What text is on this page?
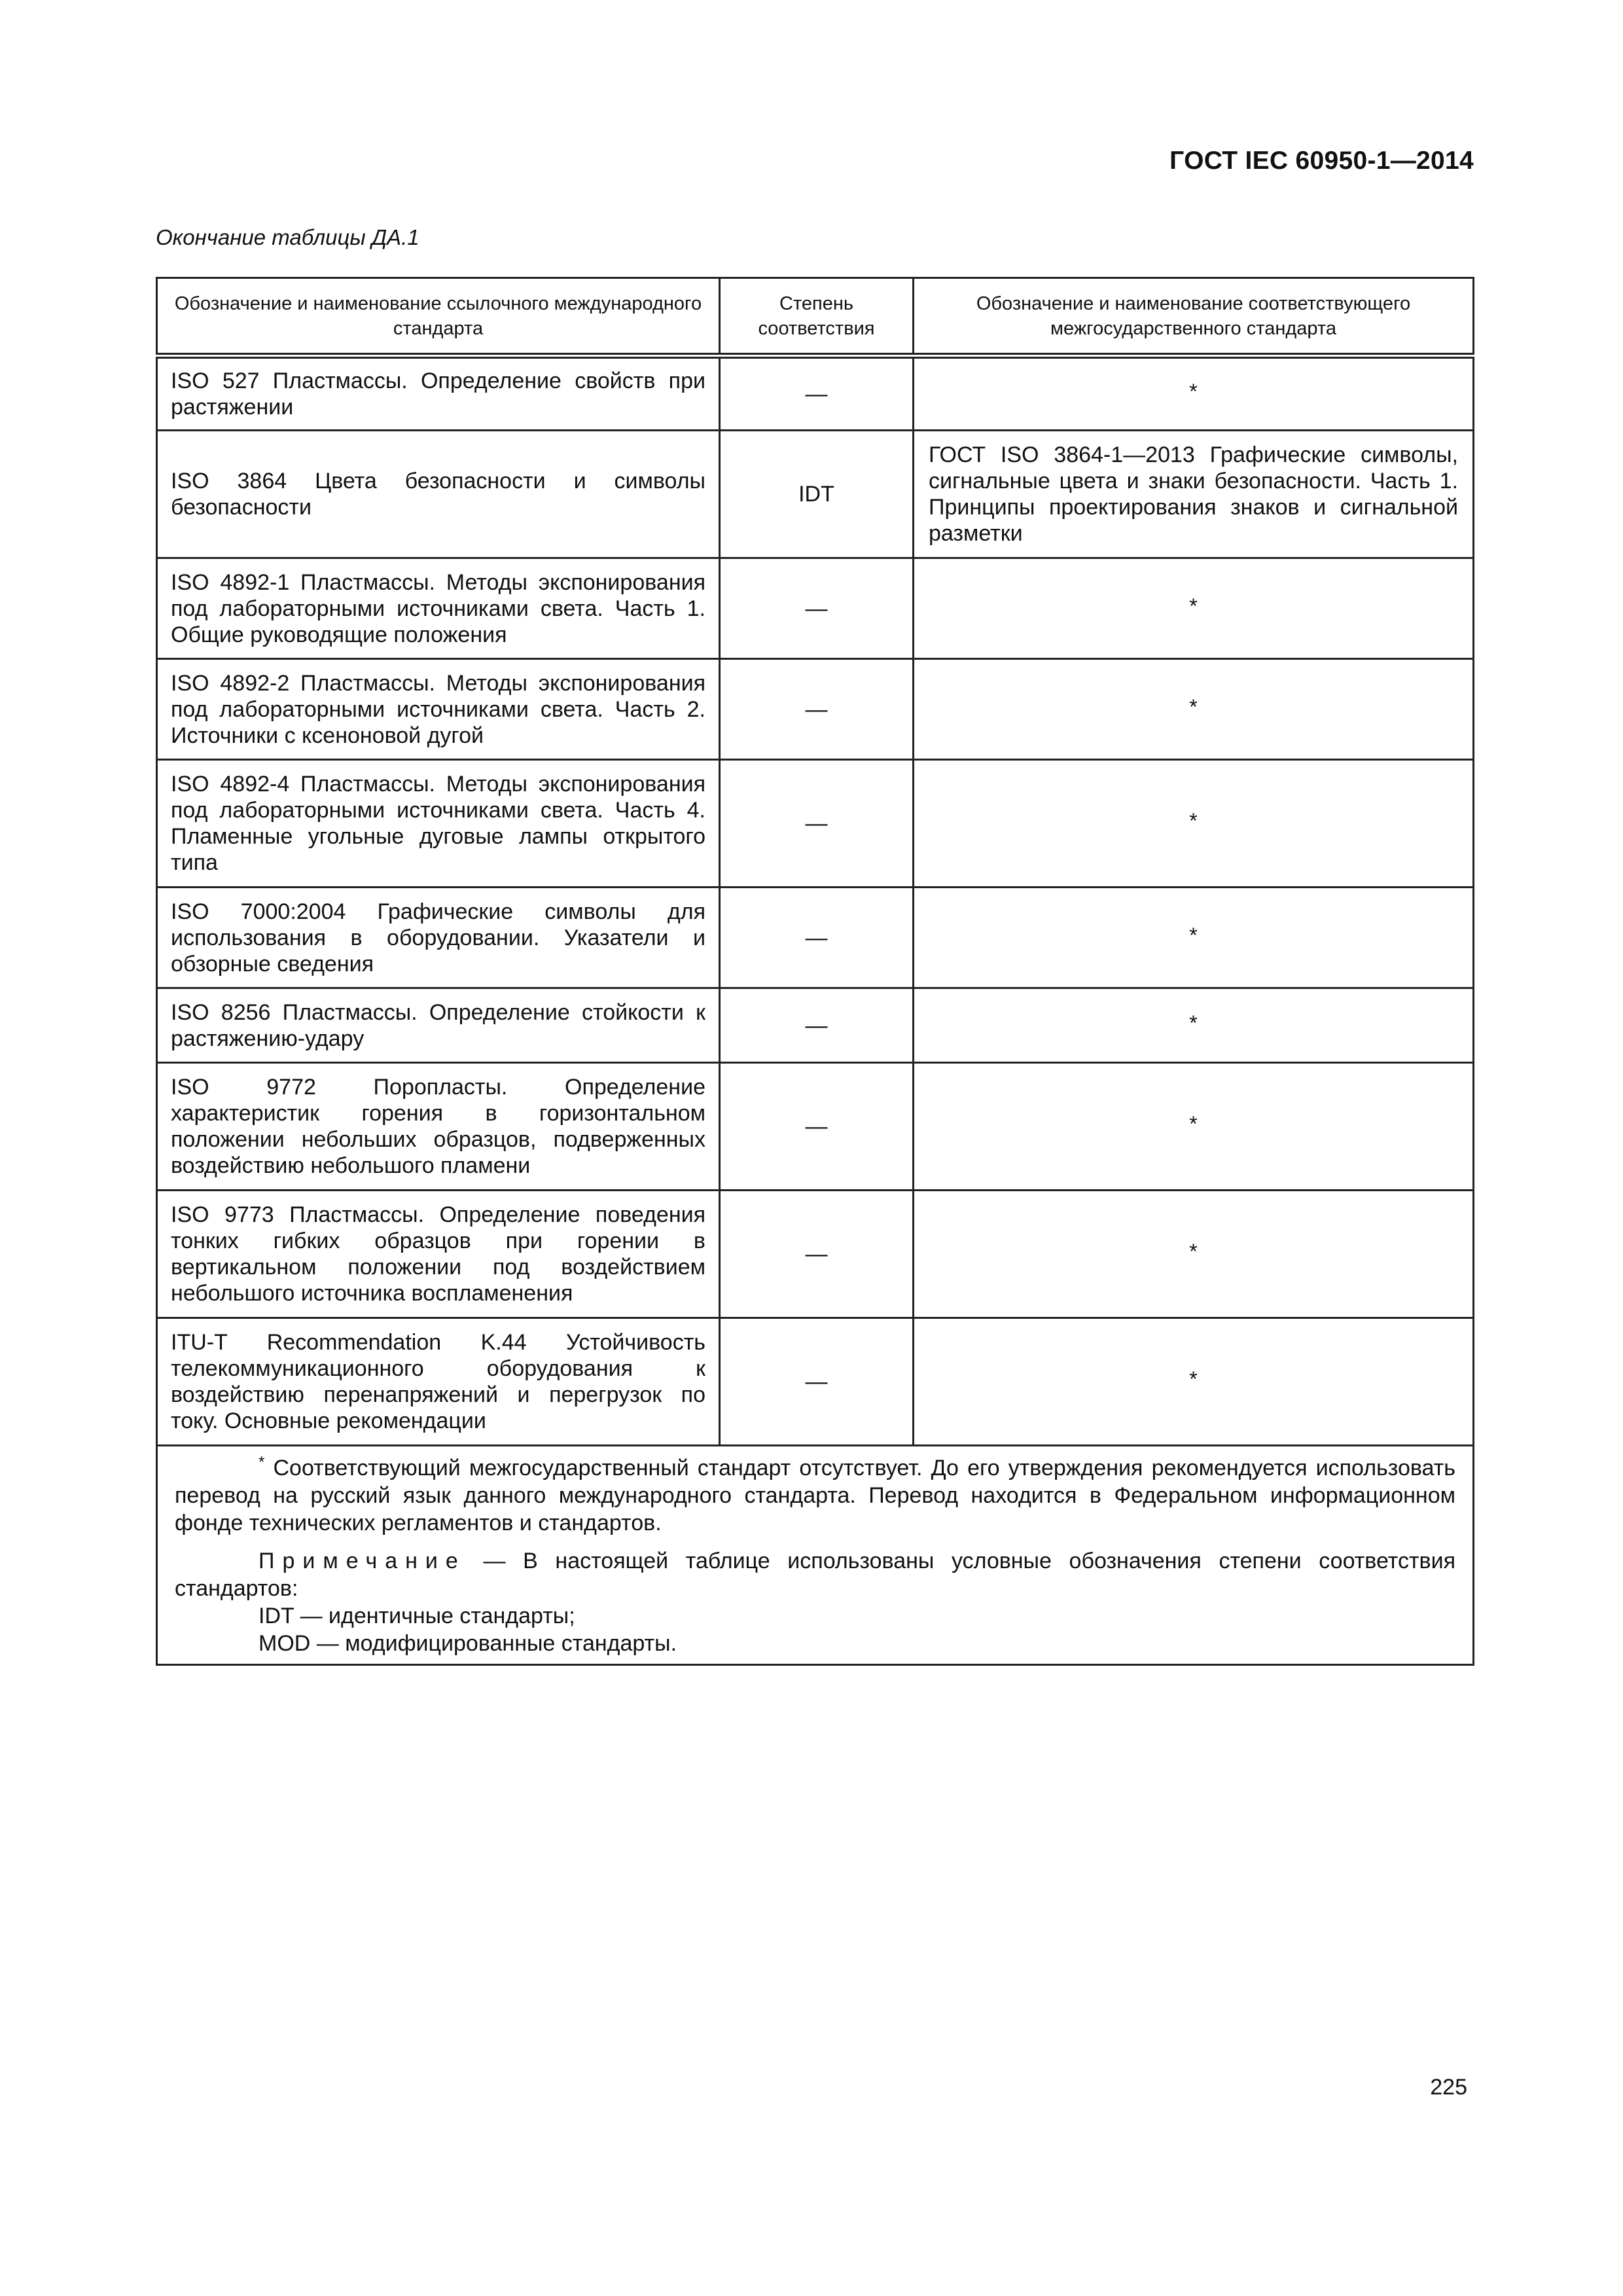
ГОСТ IEC 60950-1—2014
Окончание таблицы ДА.1
Обозначение и наименование ссылочного международного стандарта	Степень соответствия	Обозначение и наименование соответствующего межгосударственного стандарта
ISO 527 Пластмассы. Определение свойств при растяжении	—	*
ISO 3864 Цвета безопасности и символы безопасности	IDT	ГОСТ ISO 3864-1—2013 Графические символы, сигнальные цвета и знаки безопасности. Часть 1. Принципы проектирования знаков и сигнальной разметки
ISO 4892-1 Пластмассы. Методы экспонирования под лабораторными источниками света. Часть 1. Общие руководящие положения	—	*
ISO 4892-2 Пластмассы. Методы экспонирования под лабораторными источниками света. Часть 2. Источники с ксеноновой дугой	—	*
ISO 4892-4 Пластмассы. Методы экспонирования под лабораторными источниками света. Часть 4. Пламенные угольные дуговые лампы открытого типа	—	*
ISO 7000:2004 Графические символы для использования в оборудовании. Указатели и обзорные сведения	—	*
ISO 8256 Пластмассы. Определение стойкости к растяжению-удару	—	*
ISO 9772 Поропласты. Определение характеристик горения в горизонтальном положении небольших образцов, подверженных воздействию небольшого пламени	—	*
ISO 9773 Пластмассы. Определение поведения тонких гибких образцов при горении в вертикальном положении под воздействием небольшого источника воспламенения	—	*
ITU-T Recommendation K.44 Устойчивость телекоммуникационного оборудования к воздействию перенапряжений и перегрузок по току. Основные рекомендации	—	*

* Соответствующий межгосударственный стандарт отсутствует. До его утверждения рекомендуется использовать перевод на русский язык данного международного стандарта. Перевод находится в Федеральном информационном фонде технических регламентов и стандартов.

Примечание — В настоящей таблице использованы условные обозначения степени соответствия стандартов:

IDT — идентичные стандарты;

MOD — модифицированные стандарты.		

225
